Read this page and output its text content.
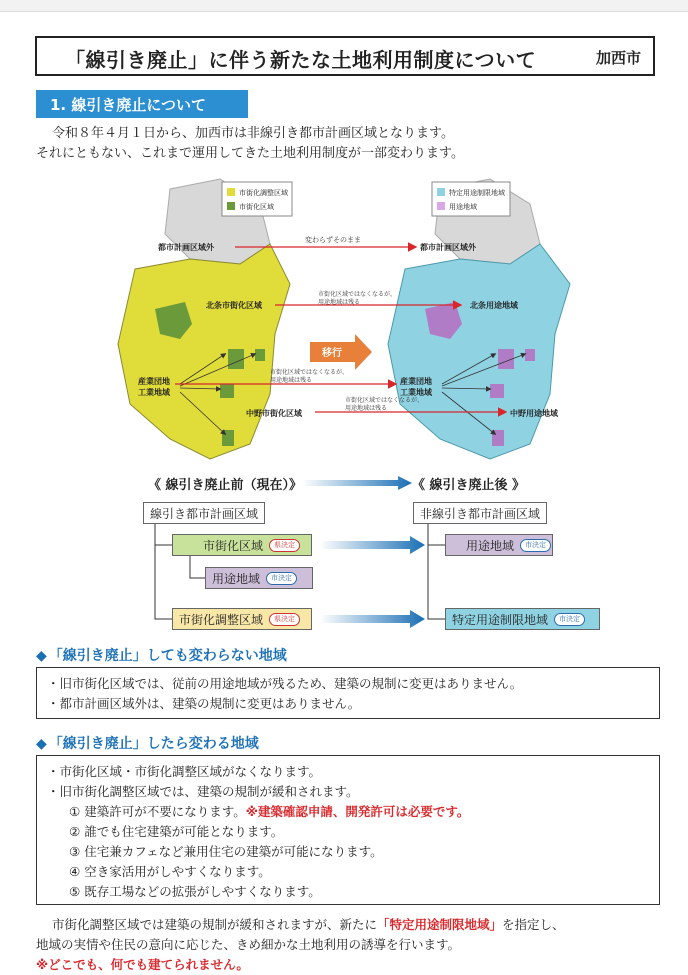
「線引き廃止」に伴う新たな土地利用制度について	加西市
1. 線引き廃止について

令和８年４月１日から、加西市は非線引き都市計画区域となります。

それにともない、これまで運用してきた土地利用制度が一部変わります。

市街化調整区域
市街化区域
都市計画区域外
北条市街化区域
産業団地
工業地域
中野市街化区域
特定用途制限地域
用途地域
都市計画区域外
北条用途地域
産業団地
工業地域
中野用途地域
変わらずそのまま
市街化区域ではなくなるが、
用途地域は残る
市街化区域ではなくなるが、
用途地域は残る
市街化区域ではなくなるが、
用途地域は残る
移行
《 線引き廃止前（現在）》	《 線引き廃止後 》
線引き都市計画区域	非線引き都市計画区域
市街化区域	県決定
用途地域	市決定
市街化調整区域	県決定
用途地域	市決定
特定用途制限地域	市決定
◆ 「線引き廃止」しても変わらない地域

・旧市街化区域では、従前の用途地域が残るため、建築の規制に変更はありません。

・都市計画区域外は、建築の規制に変更はありません。

◆ 「線引き廃止」したら変わる地域

・市街化区域・市街化調整区域がなくなります。

・旧市街化調整区域では、建築の規制が緩和されます。

① 建築許可が不要になります。※建築確認申請、開発許可は必要です。

② 誰でも住宅建築が可能となります。

③ 住宅兼カフェなど兼用住宅の建築が可能になります。

④ 空き家活用がしやすくなります。

⑤ 既存工場などの拡張がしやすくなります。

市街化調整区域では建築の規制が緩和されますが、新たに「特定用途制限地域」を指定し、

地域の実情や住民の意向に応じた、きめ細かな土地利用の誘導を行います。

※どこでも、何でも建てられません。
